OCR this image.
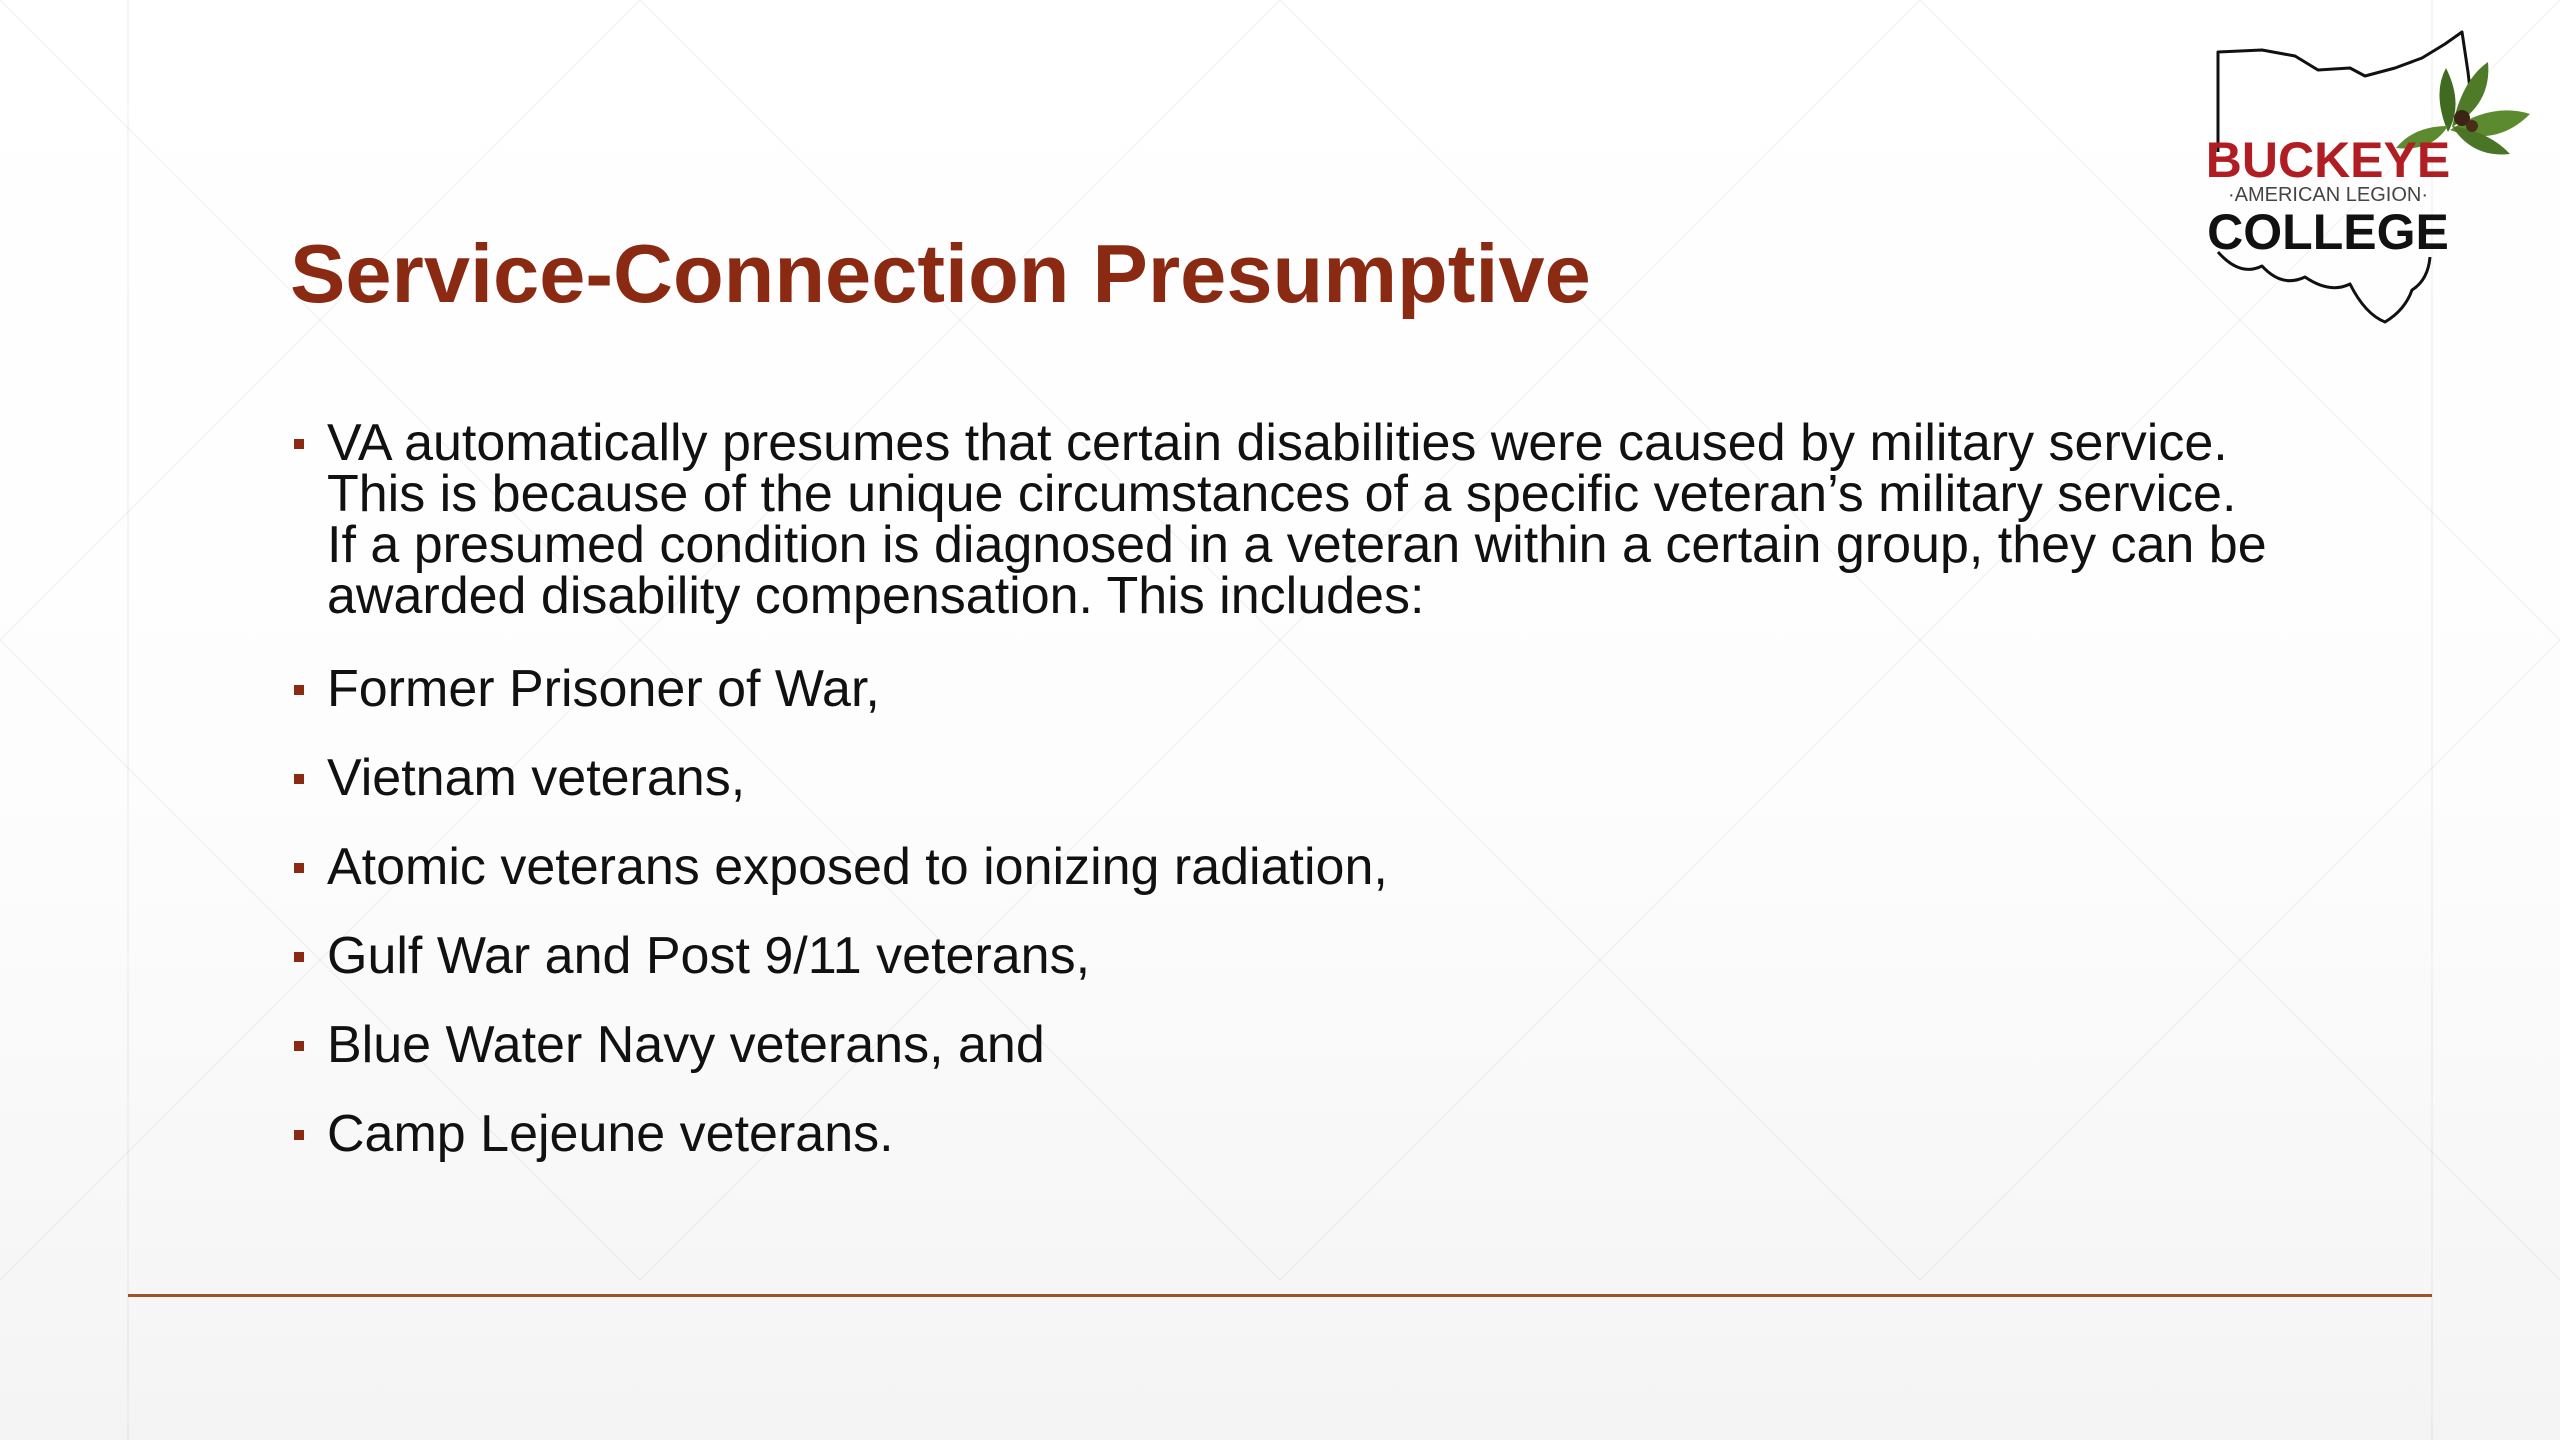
Service-Connection Presumptive
VA automatically presumes that certain disabilities were caused by military service. This is because of the unique circumstances of a specific veteran’s military service. If a presumed condition is diagnosed in a veteran within a certain group, they can be awarded disability compensation. This includes:
Former Prisoner of War,
Vietnam veterans,
Atomic veterans exposed to ionizing radiation,
Gulf War and Post 9/11 veterans,
Blue Water Navy veterans, and
Camp Lejeune veterans.
BUCKEYE
·AMERICAN LEGION·
COLLEGE
